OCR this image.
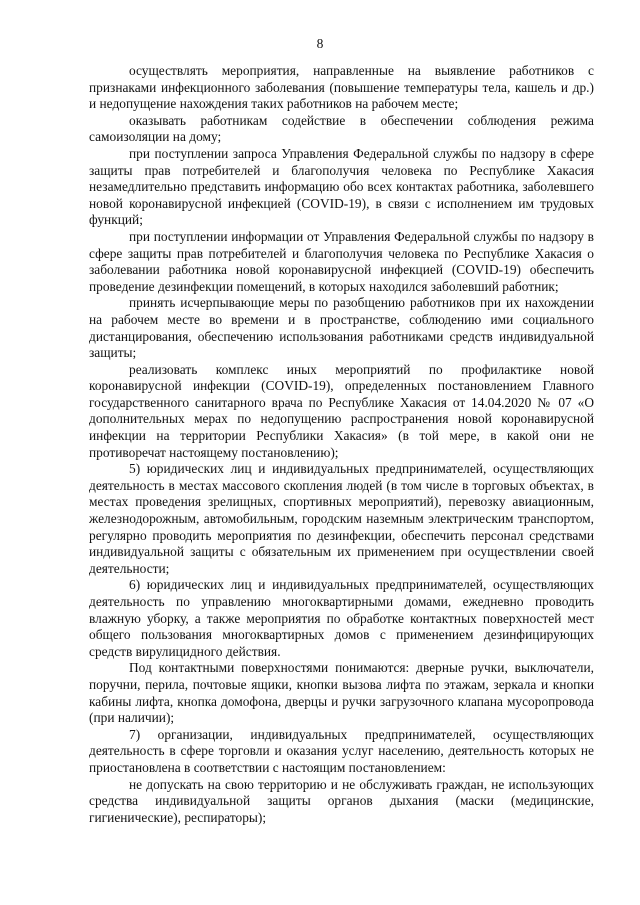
8

осуществлять мероприятия, направленные на выявление работников с признаками инфекционного заболевания (повышение температуры тела, кашель и др.) и недопущение нахождения таких работников на рабочем месте;

оказывать работникам содействие в обеспечении соблюдения режима самоизоляции на дому;

при поступлении запроса Управления Федеральной службы по надзору в сфере защиты прав потребителей и благополучия человека по Республике Хакасия незамедлительно представить информацию обо всех контактах работника, заболевшего новой коронавирусной инфекцией (COVID-19), в связи с исполнением им трудовых функций;

при поступлении информации от Управления Федеральной службы по надзору в сфере защиты прав потребителей и благополучия человека по Республике Хакасия о заболевании работника новой коронавирусной инфекцией (COVID-19) обеспечить проведение дезинфекции помещений, в которых находился заболевший работник;

принять исчерпывающие меры по разобщению работников при их нахождении на рабочем месте во времени и в пространстве, соблюдению ими социального дистанцирования, обеспечению использования работниками средств индивидуальной защиты;

реализовать комплекс иных мероприятий по профилактике новой коронавирусной инфекции (COVID-19), определенных постановлением Главного государственного санитарного врача по Республике Хакасия от 14.04.2020 № 07 «О дополнительных мерах по недопущению распространения новой коронавирусной инфекции на территории Республики Хакасия» (в той мере, в какой они не противоречат настоящему постановлению);

5) юридических лиц и индивидуальных предпринимателей, осуществляющих деятельность в местах массового скопления людей (в том числе в торговых объектах, в местах проведения зрелищных, спортивных мероприятий), перевозку авиационным, железнодорожным, автомобильным, городским наземным электрическим транспортом, регулярно проводить мероприятия по дезинфекции, обеспечить персонал средствами индивидуальной защиты с обязательным их применением при осуществлении своей деятельности;

6) юридических лиц и индивидуальных предпринимателей, осуществляющих деятельность по управлению многоквартирными домами, ежедневно проводить влажную уборку, а также мероприятия по обработке контактных поверхностей мест общего пользования многоквартирных домов с применением дезинфицирующих средств вирулицидного действия.

Под контактными поверхностями понимаются: дверные ручки, выключатели, поручни, перила, почтовые ящики, кнопки вызова лифта по этажам, зеркала и кнопки кабины лифта, кнопка домофона, дверцы и ручки загрузочного клапана мусоропровода (при наличии);

7) организации, индивидуальных предпринимателей, осуществляющих деятельность в сфере торговли и оказания услуг населению, деятельность которых не приостановлена в соответствии с настоящим постановлением:

не допускать на свою территорию и не обслуживать граждан, не использующих средства индивидуальной защиты органов дыхания (маски (медицинские, гигиенические), респираторы);
